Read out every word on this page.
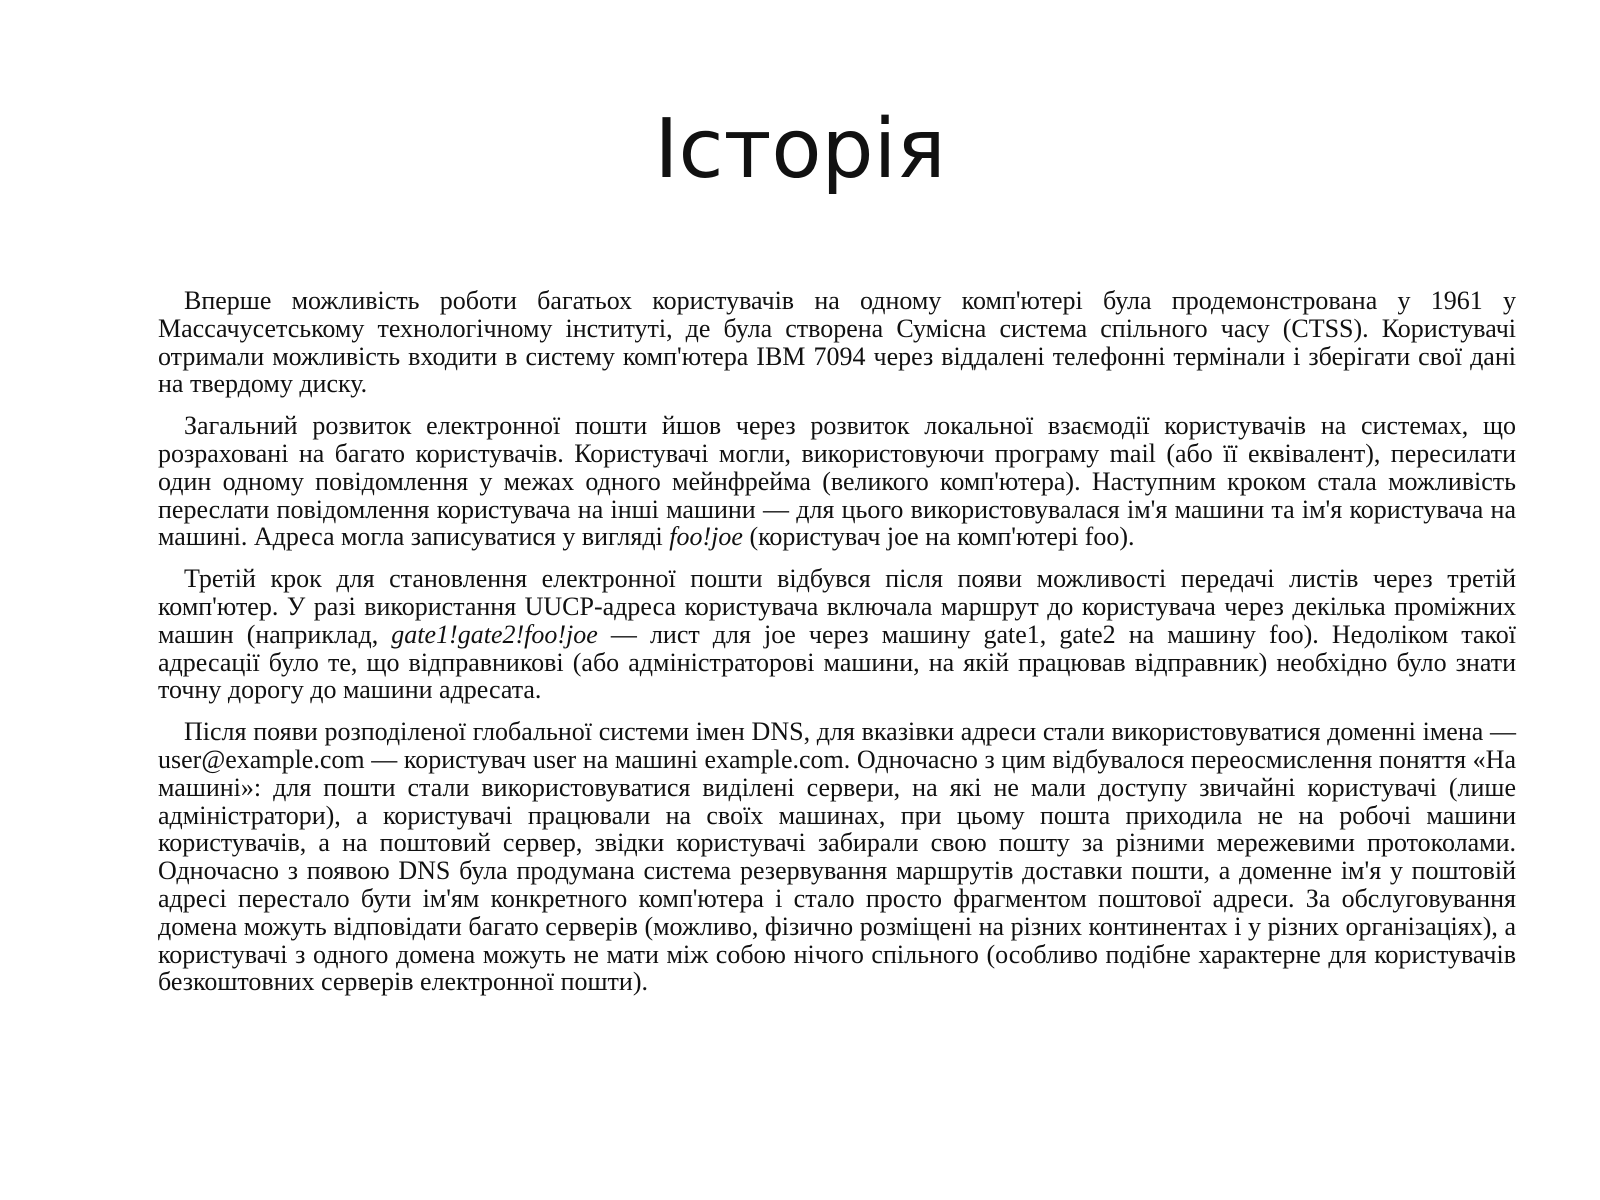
Історія

Вперше можливість роботи багатьох користувачів на одному комп'ютері була продемонстрована у 1961 у Массачусетському технологічному інституті, де була створена Сумісна система спільного часу (CTSS). Користувачі отримали можливість входити в систему комп'ютера IBM 7094 через віддалені телефонні термінали і зберігати свої дані на твердому диску.

Загальний розвиток електронної пошти йшов через розвиток локальної взаємодії користувачів на системах, що розраховані на багато користувачів. Користувачі могли, використовуючи програму mail (або її еквівалент), пересилати один одному повідомлення у межах одного мейнфрейма (великого комп'ютера). Наступним кроком стала можливість переслати повідомлення користувача на інші машини — для цього використовувалася ім'я машини та ім'я користувача на машині. Адреса могла записуватися у вигляді foo!joe (користувач joe на комп'ютері foo).

Третій крок для становлення електронної пошти відбувся після появи можливості передачі листів через третій комп'ютер. У разі використання UUCP-адреса користувача включала маршрут до користувача через декілька проміжних машин (наприклад, gate1!gate2!foo!joe — лист для joe через машину gate1, gate2 на машину foo). Недоліком такої адресації було те, що відправникові (або адміністраторові машини, на якій працював відправник) необхідно було знати точну дорогу до машини адресата.

Після появи розподіленої глобальної системи імен DNS, для вказівки адреси стали використовуватися доменні імена — user@example.com — користувач user на машині example.com. Одночасно з цим відбувалося переосмислення поняття «На машині»: для пошти стали використовуватися виділені сервери, на які не мали доступу звичайні користувачі (лише адміністратори), а користувачі працювали на своїх машинах, при цьому пошта приходила не на робочі машини користувачів, а на поштовий сервер, звідки користувачі забирали свою пошту за різними мережевими протоколами. Одночасно з появою DNS була продумана система резервування маршрутів доставки пошти, а доменне ім'я у поштовій адресі перестало бути ім'ям конкретного комп'ютера і стало просто фрагментом поштової адреси. За обслуговування домена можуть відповідати багато серверів (можливо, фізично розміщені на різних континентах і у різних організаціях), а користувачі з одного домена можуть не мати між собою нічого спільного (особливо подібне характерне для користувачів безкоштовних серверів електронної пошти).
